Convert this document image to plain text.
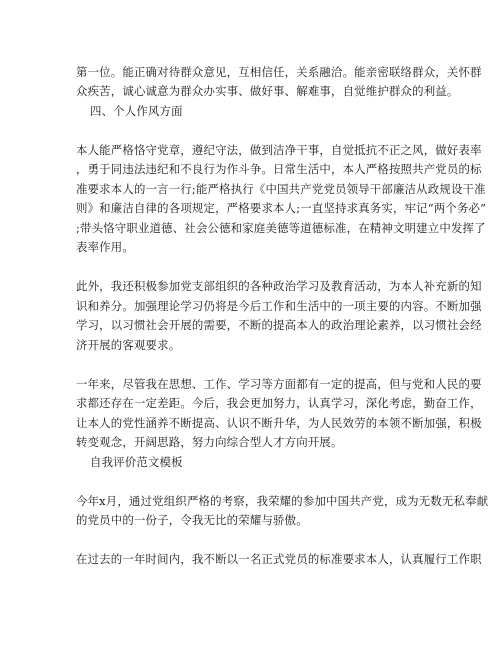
第一位。能正确对待群众意见，互相信任，关系融洽。能亲密联络群众，关怀群
众疾苦，诚心诚意为群众办实事、做好事、解难事，自觉维护群众的利益。
四、个人作风方面
本人能严格恪守党章，遵纪守法，做到洁净干事，自觉抵抗不正之风，做好表率
，勇于同违法违纪和不良行为作斗争。日常生活中，本人严格按照共产党员的标
准要求本人的一言一行;能严格执行《中国共产党党员领导干部廉洁从政规设干准
则》和廉洁自律的各项规定，严格要求本人;一直坚持求真务实，牢记“两个务必”
;带头恪守职业道德、社会公德和家庭美德等道德标准，在精神文明建立中发挥了
表率作用。
此外，我还积极参加党支部组织的各种政治学习及教育活动，为本人补充新的知
识和养分。加强理论学习仍将是今后工作和生活中的一项主要的内容。不断加强
学习，以习惯社会开展的需要，不断的提高本人的政治理论素养，以习惯社会经
济开展的客观要求。
一年来，尽管我在思想、工作、学习等方面都有一定的提高，但与党和人民的要
求都还存在一定差距。今后，我会更加努力，认真学习，深化考虑，勤奋工作，
让本人的党性涵养不断提高、认识不断升华，为人民效劳的本领不断加强，积极
转变观念，开阔思路，努力向综合型人才方向开展。
自我评价范文模板
今年x月，通过党组织严格的考察，我荣耀的参加中国共产党，成为无数无私奉献
的党员中的一份子，令我无比的荣耀与骄傲。
在过去的一年时间内，我不断以一名正式党员的标准要求本人，认真履行工作职
